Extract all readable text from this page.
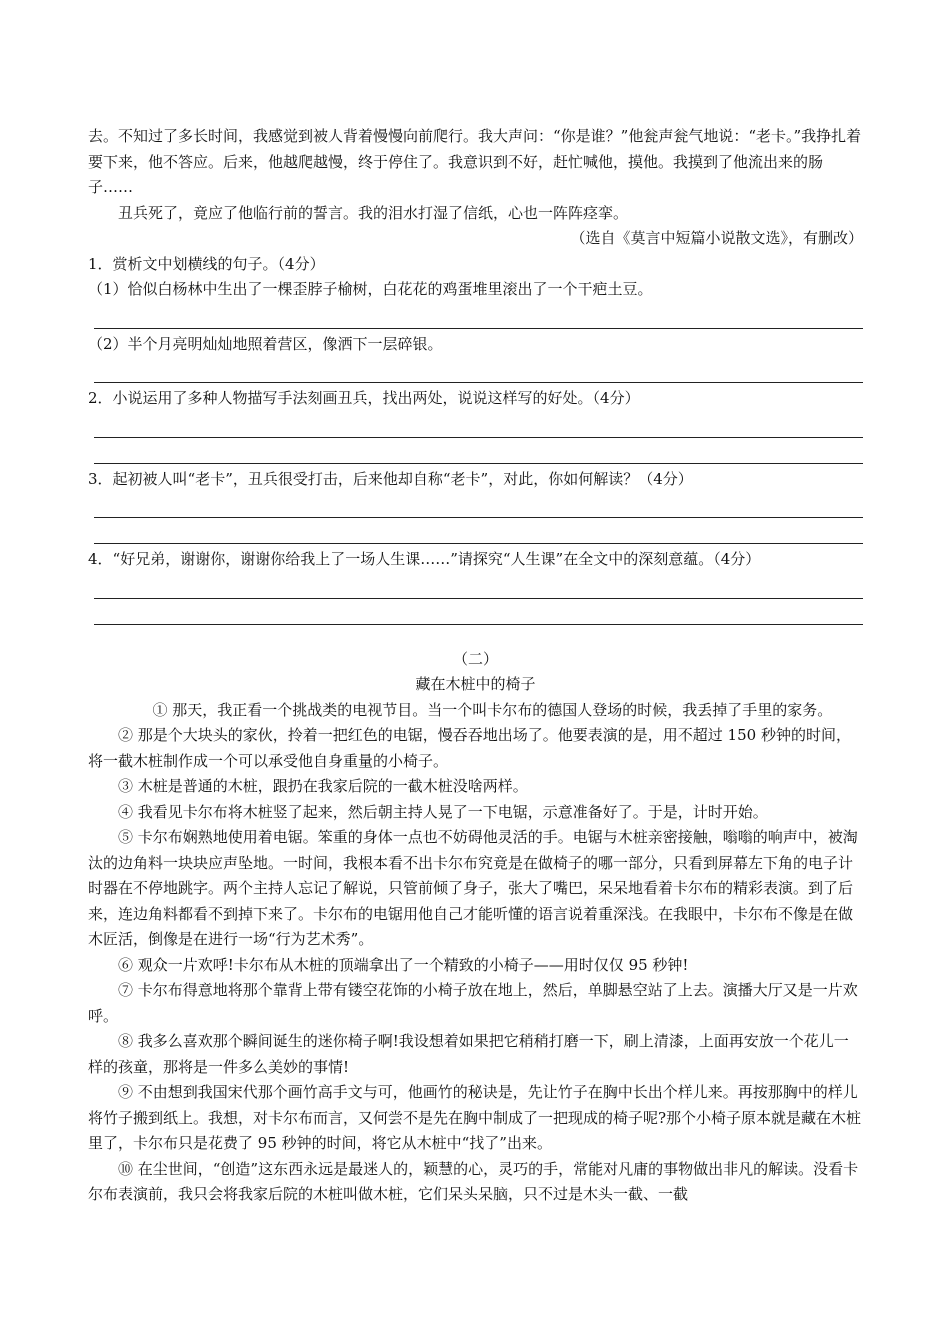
去。不知过了多长时间，我感觉到被人背着慢慢向前爬行。我大声问：“你是谁？”他瓮声瓮气地说：“老卡。”我挣扎着要下来，他不答应。后来，他越爬越慢，终于停住了。我意识到不好，赶忙喊他，摸他。我摸到了他流出来的肠子……

丑兵死了，竟应了他临行前的誓言。我的泪水打湿了信纸，心也一阵阵痉挛。

（选自《莫言中短篇小说散文选》，有删改）

1．赏析文中划横线的句子。（4分）

（1）恰似白杨林中生出了一棵歪脖子榆树，白花花的鸡蛋堆里滚出了一个干疤土豆。

（2）半个月亮明灿灿地照着营区，像洒下一层碎银。

2．小说运用了多种人物描写手法刻画丑兵，找出两处，说说这样写的好处。（4分）

3．起初被人叫“老卡”，丑兵很受打击，后来他却自称“老卡”，对此，你如何解读？（4分）

4．“好兄弟，谢谢你，谢谢你给我上了一场人生课……”请探究“人生课”在全文中的深刻意蕴。（4分）

（二）

藏在木桩中的椅子

① 那天，我正看一个挑战类的电视节目。当一个叫卡尔布的德国人登场的时候，我丢掉了手里的家务。

② 那是个大块头的家伙，拎着一把红色的电锯，慢吞吞地出场了。他要表演的是，用不超过 150 秒钟的时间，将一截木桩制作成一个可以承受他自身重量的小椅子。

③ 木桩是普通的木桩，跟扔在我家后院的一截木桩没啥两样。

④ 我看见卡尔布将木桩竖了起来，然后朝主持人晃了一下电锯，示意准备好了。于是，计时开始。

⑤ 卡尔布娴熟地使用着电锯。笨重的身体一点也不妨碍他灵活的手。电锯与木桩亲密接触，嗡嗡的响声中，被淘汰的边角料一块块应声坠地。一时间，我根本看不出卡尔布究竟是在做椅子的哪一部分，只看到屏幕左下角的电子计时器在不停地跳字。两个主持人忘记了解说，只管前倾了身子，张大了嘴巴，呆呆地看着卡尔布的精彩表演。到了后来，连边角料都看不到掉下来了。卡尔布的电锯用他自己才能听懂的语言说着重深浅。在我眼中，卡尔布不像是在做木匠活，倒像是在进行一场“行为艺术秀”。

⑥ 观众一片欢呼!卡尔布从木桩的顶端拿出了一个精致的小椅子——用时仅仅 95 秒钟!

⑦ 卡尔布得意地将那个靠背上带有镂空花饰的小椅子放在地上，然后，单脚悬空站了上去。演播大厅又是一片欢呼。

⑧ 我多么喜欢那个瞬间诞生的迷你椅子啊!我设想着如果把它稍稍打磨一下，刷上清漆，上面再安放一个花儿一样的孩童，那将是一件多么美妙的事情!

⑨ 不由想到我国宋代那个画竹高手文与可，他画竹的秘诀是，先让竹子在胸中长出个样儿来。再按那胸中的样儿将竹子搬到纸上。我想，对卡尔布而言，又何尝不是先在胸中制成了一把现成的椅子呢?那个小椅子原本就是藏在木桩里了，卡尔布只是花费了 95 秒钟的时间，将它从木桩中“找了”出来。

⑩ 在尘世间，“创造”这东西永远是最迷人的，颖慧的心，灵巧的手，常能对凡庸的事物做出非凡的解读。没看卡尔布表演前，我只会将我家后院的木桩叫做木桩，它们呆头呆脑，只不过是木头一截、一截
